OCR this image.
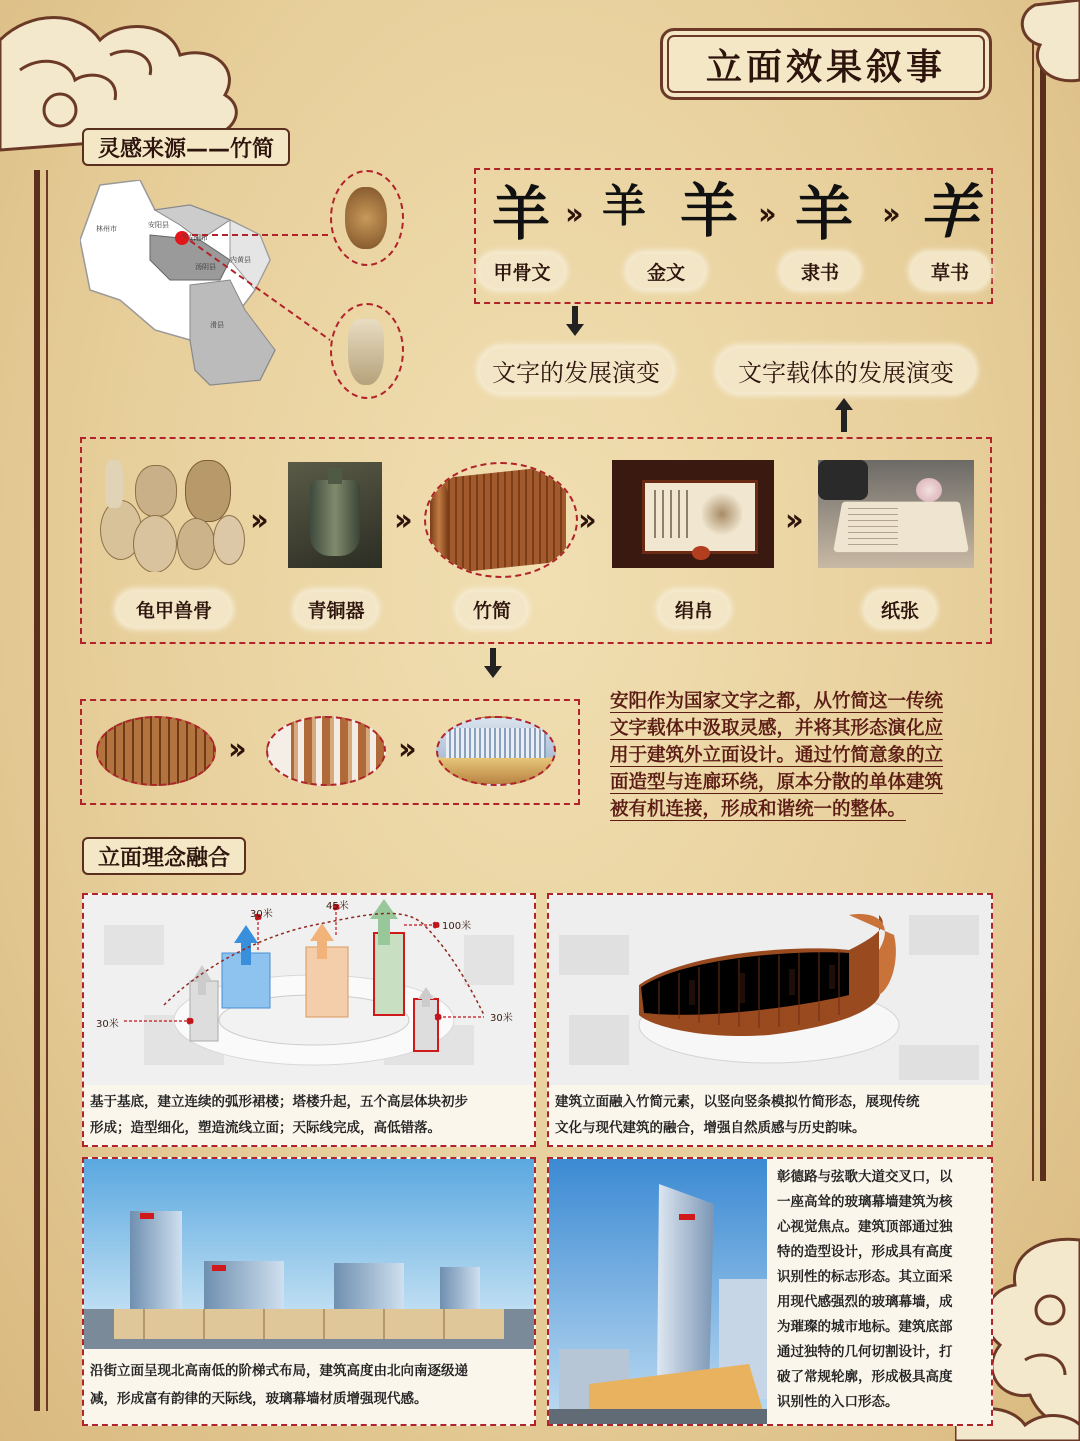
立面效果叙事
灵感来源——竹简
安阳市
安阳县
林州市
内黄县
汤阴县
滑县
羊 ›› 羊 羊 ›› 羊 ›› 羊
甲骨文	金文	隶书	草书
文字的发展演变	文字载体的发展演变
››	››	››	››
龟甲兽骨	青铜器	竹简	绢帛	纸张
››	››
安阳作为国家文字之都，从竹简这一传统
文字载体中汲取灵感，并将其形态演化应
用于建筑外立面设计。通过竹简意象的立
面造型与连廊环绕，原本分散的单体建筑
被有机连接，形成和谐统一的整体。
立面理念融合
30米
45米
100米
30米
30米
基于基底，建立连续的弧形裙楼；塔楼升起，五个高层体块初步
形成；造型细化，塑造流线立面；天际线完成，高低错落。
建筑立面融入竹简元素，以竖向竖条模拟竹简形态，展现传统
文化与现代建筑的融合，增强自然质感与历史韵味。
沿街立面呈现北高南低的阶梯式布局，建筑高度由北向南逐级递
减，形成富有韵律的天际线，玻璃幕墙材质增强现代感。
彰德路与弦歌大道交叉口，以
一座高耸的玻璃幕墙建筑为核
心视觉焦点。建筑顶部通过独
特的造型设计，形成具有高度
识别性的标志形态。其立面采
用现代感强烈的玻璃幕墙，成
为璀璨的城市地标。建筑底部
通过独特的几何切割设计，打
破了常规轮廓，形成极具高度
识别性的入口形态。
